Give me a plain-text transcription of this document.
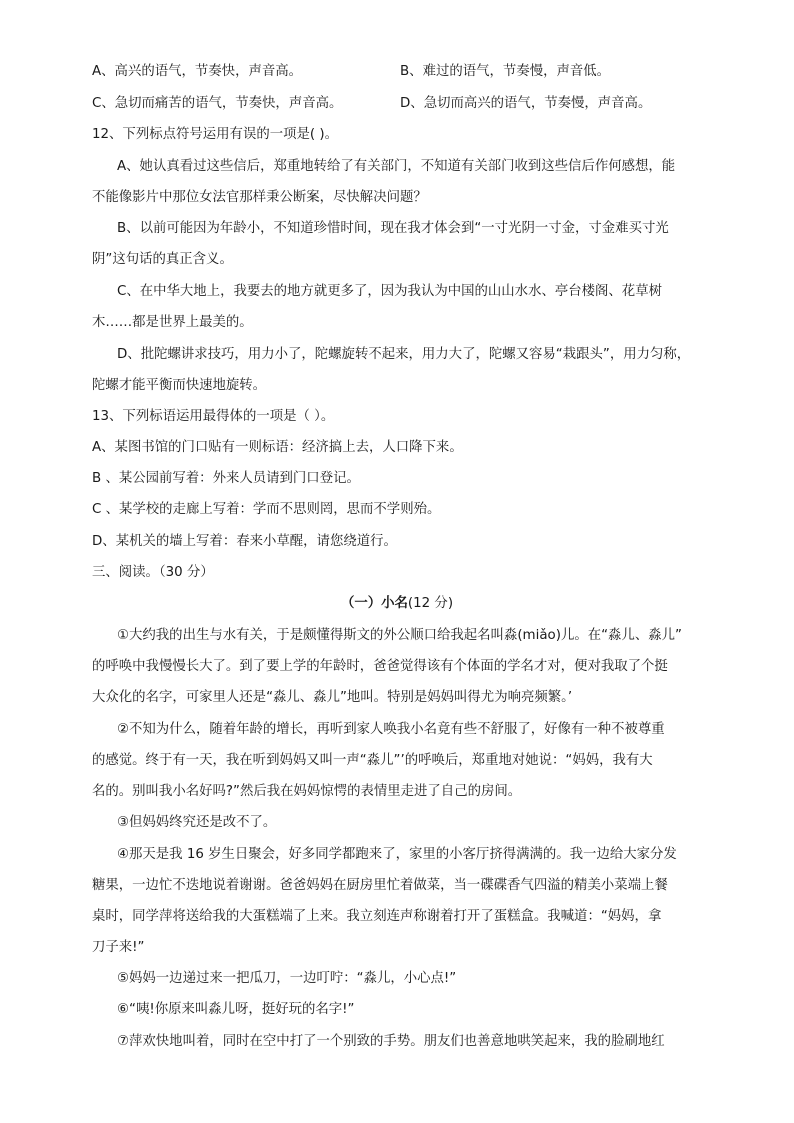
A、高兴的语气，节奏快，声音高。	B、难过的语气，节奏慢，声音低。
C、急切而痛苦的语气，节奏快，声音高。	D、急切而高兴的语气，节奏慢，声音高。
12、下列标点符号运用有误的一项是( )。
A、她认真看过这些信后，郑重地转给了有关部门，不知道有关部门收到这些信后作何感想，能
不能像影片中那位女法官那样秉公断案，尽快解决问题？
B、以前可能因为年龄小，不知道珍惜时间，现在我才体会到“一寸光阴一寸金，寸金难买寸光
阴”这句话的真正含义。
C、在中华大地上，我要去的地方就更多了，因为我认为中国的山山水水、亭台楼阁、花草树
木……都是世界上最美的。
D、批陀螺讲求技巧，用力小了，陀螺旋转不起来，用力大了，陀螺又容易“栽跟头”，用力匀称，
陀螺才能平衡而快速地旋转。
13、下列标语运用最得体的一项是（ ）。
A、某图书馆的门口贴有一则标语：经济搞上去，人口降下来。
B 、某公园前写着：外来人员请到门口登记。
C 、某学校的走廊上写着：学而不思则罔，思而不学则殆。
D、某机关的墙上写着：春来小草醒，请您绕道行。
三、阅读。（30 分）
（一）小名(12 分)
①大约我的出生与水有关，于是颇懂得斯文的外公顺口给我起名叫淼(miǎo)儿。在“淼儿、淼儿”
的呼唤中我慢慢长大了。到了要上学的年龄时，爸爸觉得该有个体面的学名才对，便对我取了个挺
大众化的名字，可家里人还是“淼儿、淼儿”地叫。特别是妈妈叫得尤为响亮频繁。’
②不知为什么，随着年龄的增长，再听到家人唤我小名竟有些不舒服了，好像有一种不被尊重
的感觉。终于有一天，我在听到妈妈又叫一声“淼儿”’的呼唤后，郑重地对她说：“妈妈，我有大
名的。别叫我小名好吗?”然后我在妈妈惊愕的表情里走进了自己的房间。
③但妈妈终究还是改不了。
④那天是我 16 岁生日聚会，好多同学都跑来了，家里的小客厅挤得满满的。我一边给大家分发
糖果，一边忙不迭地说着谢谢。爸爸妈妈在厨房里忙着做菜，当一碟碟香气四溢的精美小菜端上餐
桌时，同学萍将送给我的大蛋糕端了上来。我立刻连声称谢着打开了蛋糕盒。我喊道：“妈妈，拿
刀子来!”
⑤妈妈一边递过来一把瓜刀，一边叮咛：“淼儿，小心点!”
⑥“咦!你原来叫淼儿呀，挺好玩的名字!”
⑦萍欢快地叫着，同时在空中打了一个别致的手势。朋友们也善意地哄笑起来，我的脸刷地红
